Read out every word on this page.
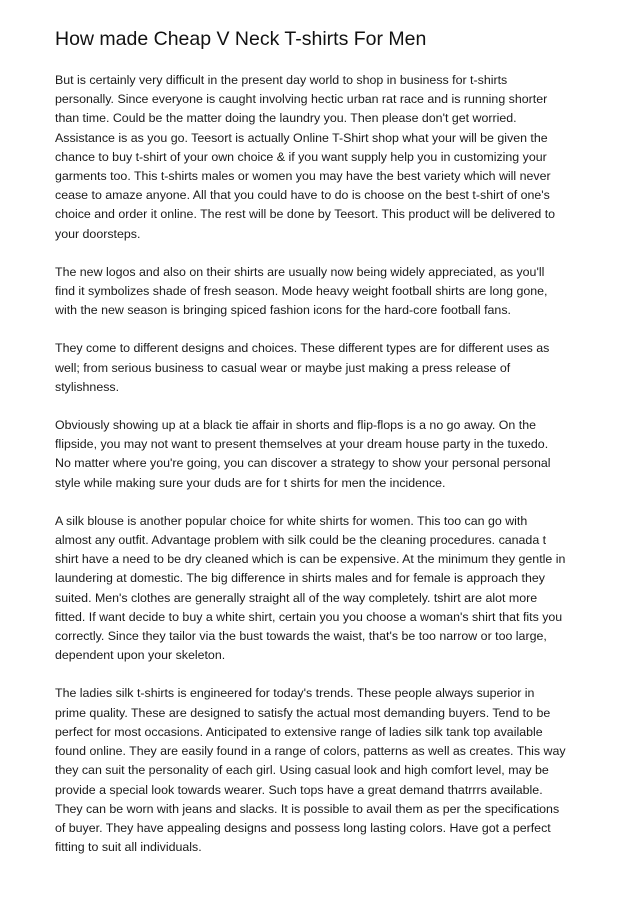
How made Cheap V Neck T-shirts For Men

But is certainly very difficult in the present day world to shop in business for t-shirts
personally. Since everyone is caught involving hectic urban rat race and is running shorter
than time. Could be the matter doing the laundry you. Then please don't get worried.
Assistance is as you go. Teesort is actually Online T-Shirt shop what your will be given the
chance to buy t-shirt of your own choice & if you want supply help you in customizing your
garments too. This t-shirts males or women you may have the best variety which will never
cease to amaze anyone. All that you could have to do is choose on the best t-shirt of one's
choice and order it online. The rest will be done by Teesort. This product will be delivered to
your doorsteps.

The new logos and also on their shirts are usually now being widely appreciated, as you'll
find it symbolizes shade of fresh season. Mode heavy weight football shirts are long gone,
with the new season is bringing spiced fashion icons for the hard-core football fans.

They come to different designs and choices. These different types are for different uses as
well; from serious business to casual wear or maybe just making a press release of
stylishness.

Obviously showing up at a black tie affair in shorts and flip-flops is a no go away. On the
flipside, you may not want to present themselves at your dream house party in the tuxedo.
No matter where you're going, you can discover a strategy to show your personal personal
style while making sure your duds are for t shirts for men the incidence.

A silk blouse is another popular choice for white shirts for women. This too can go with
almost any outfit. Advantage problem with silk could be the cleaning procedures. canada t
shirt have a need to be dry cleaned which is can be expensive. At the minimum they gentle in
laundering at domestic. The big difference in shirts males and for female is approach they
suited. Men's clothes are generally straight all of the way completely. tshirt are alot more
fitted. If want decide to buy a white shirt, certain you you choose a woman's shirt that fits you
correctly. Since they tailor via the bust towards the waist, that's be too narrow or too large,
dependent upon your skeleton.

The ladies silk t-shirts is engineered for today's trends. These people always superior in
prime quality. These are designed to satisfy the actual most demanding buyers. Tend to be
perfect for most occasions. Anticipated to extensive range of ladies silk tank top available
found online. They are easily found in a range of colors, patterns as well as creates. This way
they can suit the personality of each girl. Using casual look and high comfort level, may be
provide a special look towards wearer. Such tops have a great demand thatrrrs available.
They can be worn with jeans and slacks. It is possible to avail them as per the specifications
of buyer. They have appealing designs and possess long lasting colors. Have got a perfect
fitting to suit all individuals.
